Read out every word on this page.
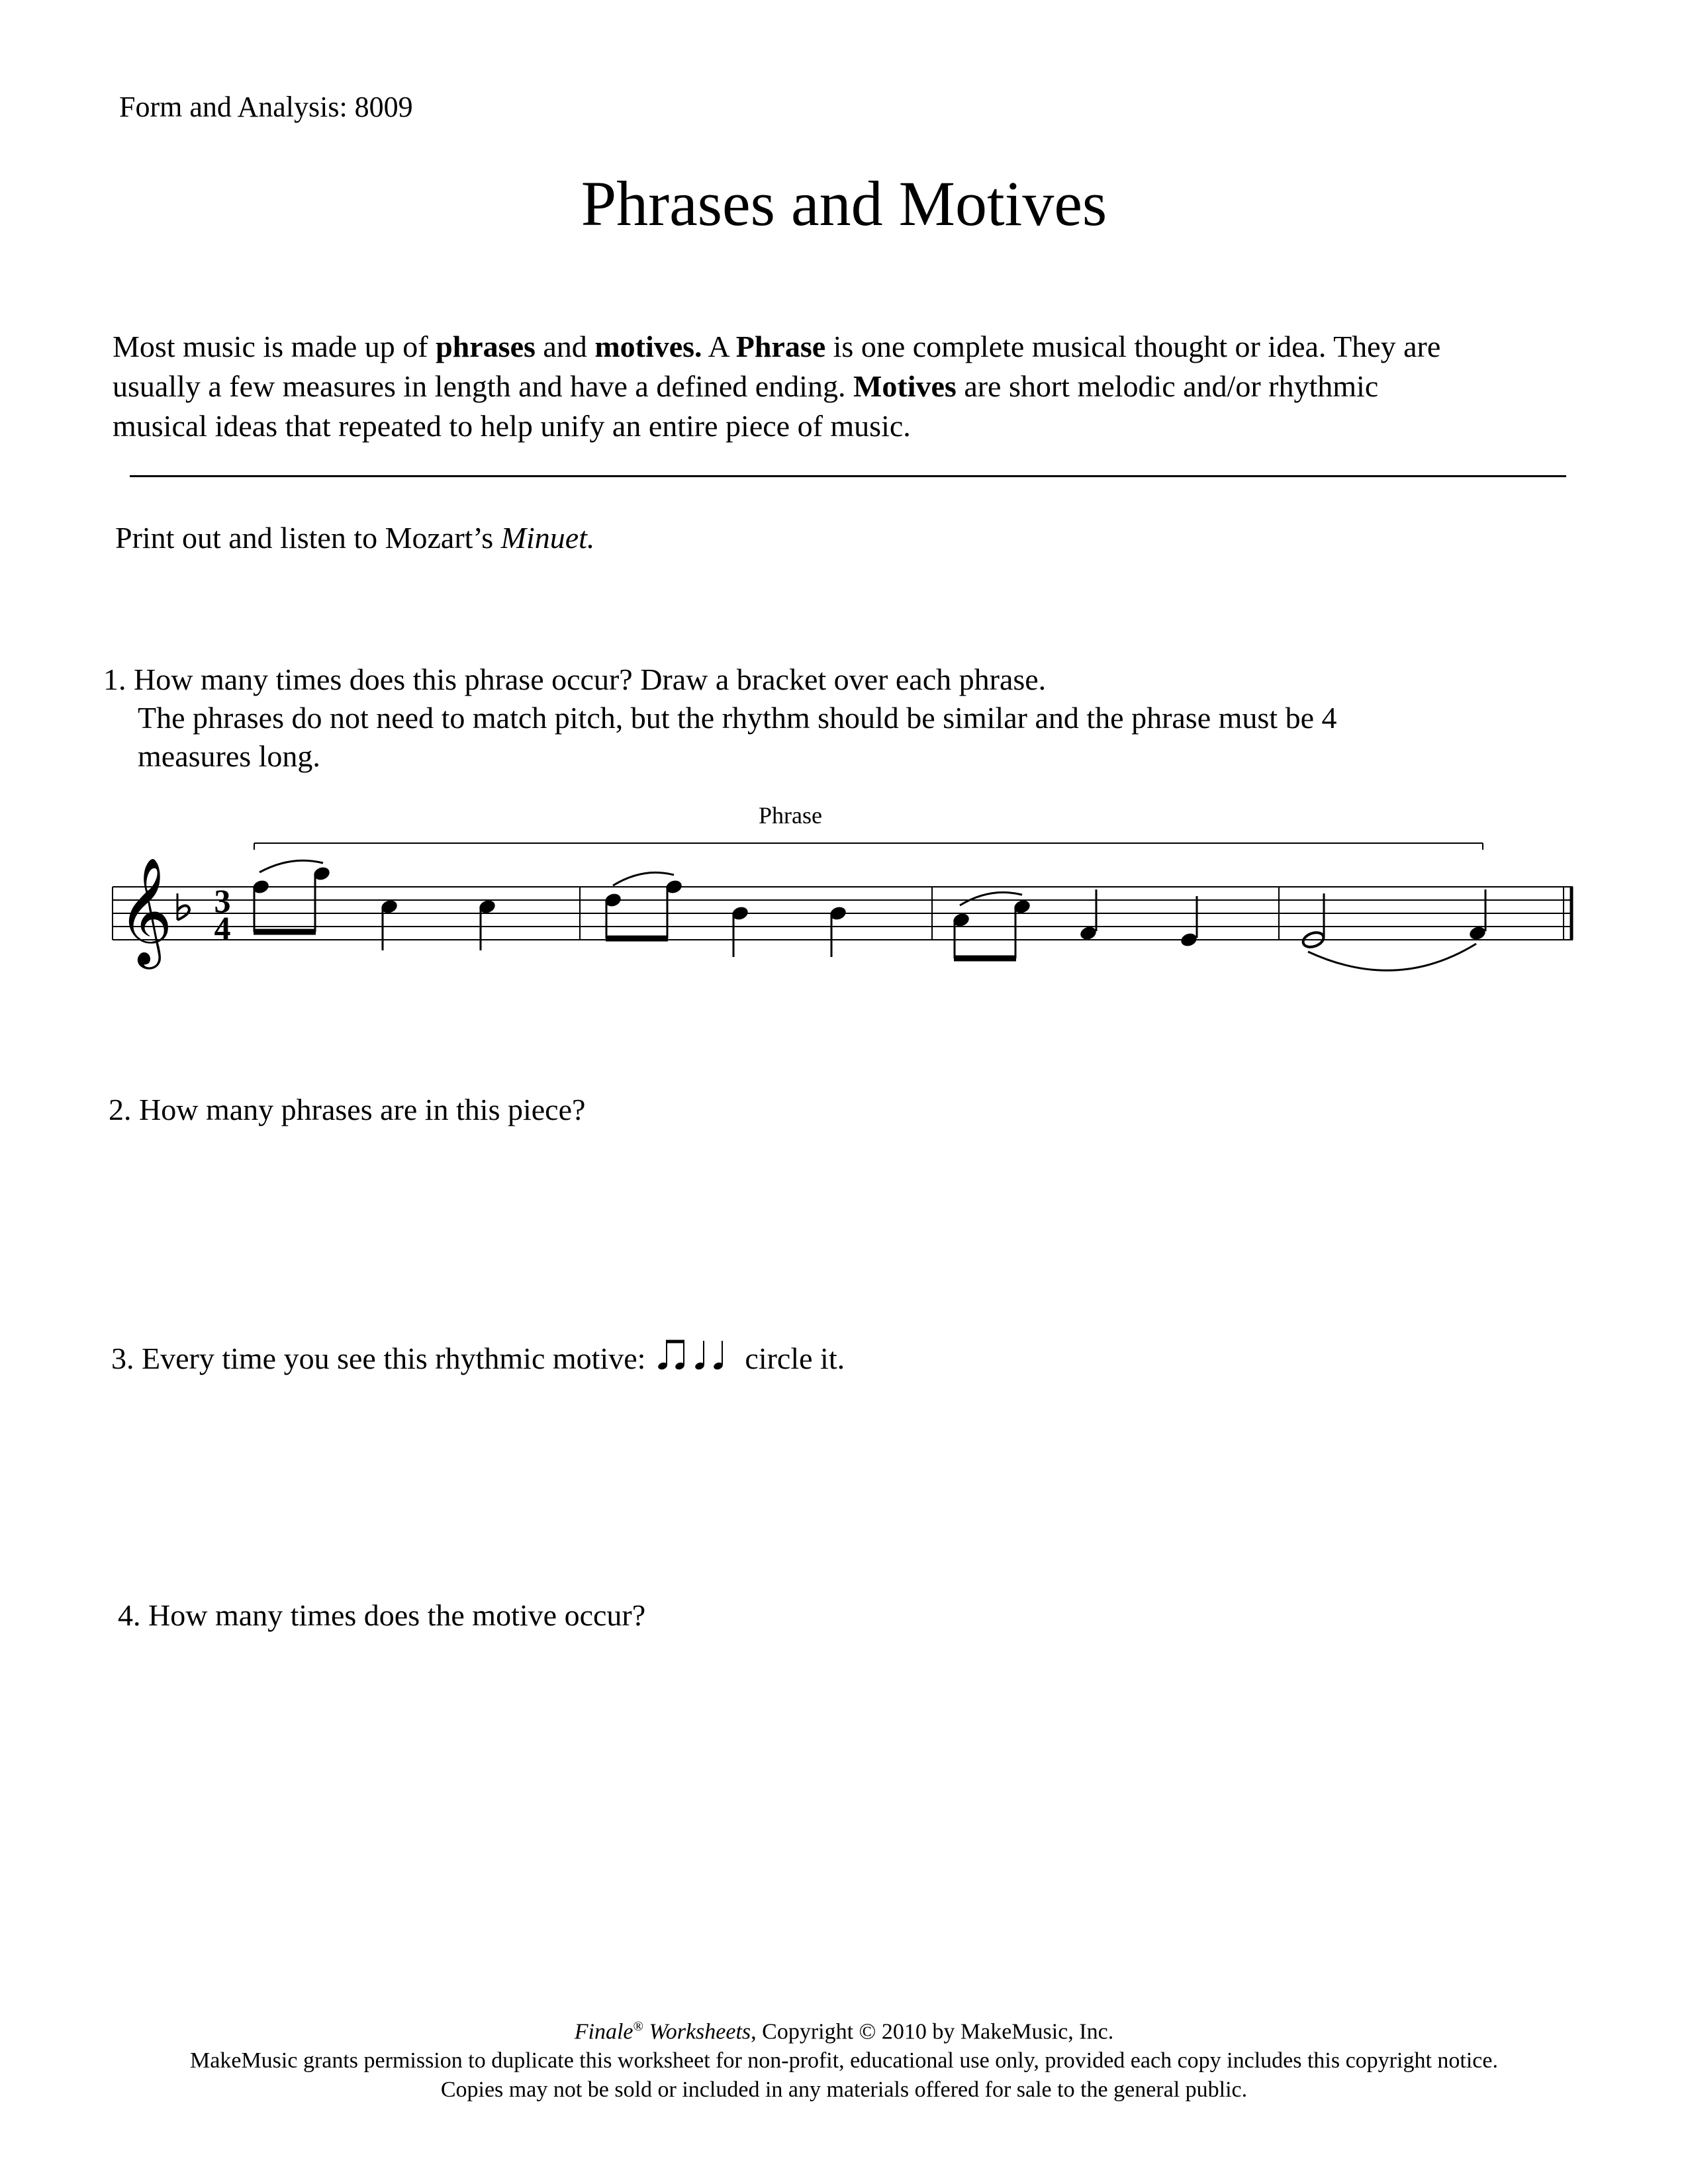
Form and Analysis: 8009
Phrases and Motives

Most music is made up of phrases and motives. A Phrase is one complete musical thought or idea. They are

usually a few measures in length and have a defined ending. Motives are short melodic and/or rhythmic

musical ideas that repeated to help unify an entire piece of music.

Print out and listen to Mozart’s Minuet.
1. How many times does this phrase occur? Draw a bracket over each phrase.
The phrases do not need to match pitch, but the rhythm should be similar and the phrase must be 4
measures long.
Phrase
𝄞 3
4
2. How many phrases are in this piece?
3. Every time you see this rhythmic motive:	circle it.
4. How many times does the motive occur?

Finale® Worksheets, Copyright © 2010 by MakeMusic, Inc.

MakeMusic grants permission to duplicate this worksheet for non-profit, educational use only, provided each copy includes this copyright notice.

Copies may not be sold or included in any materials offered for sale to the general public.
